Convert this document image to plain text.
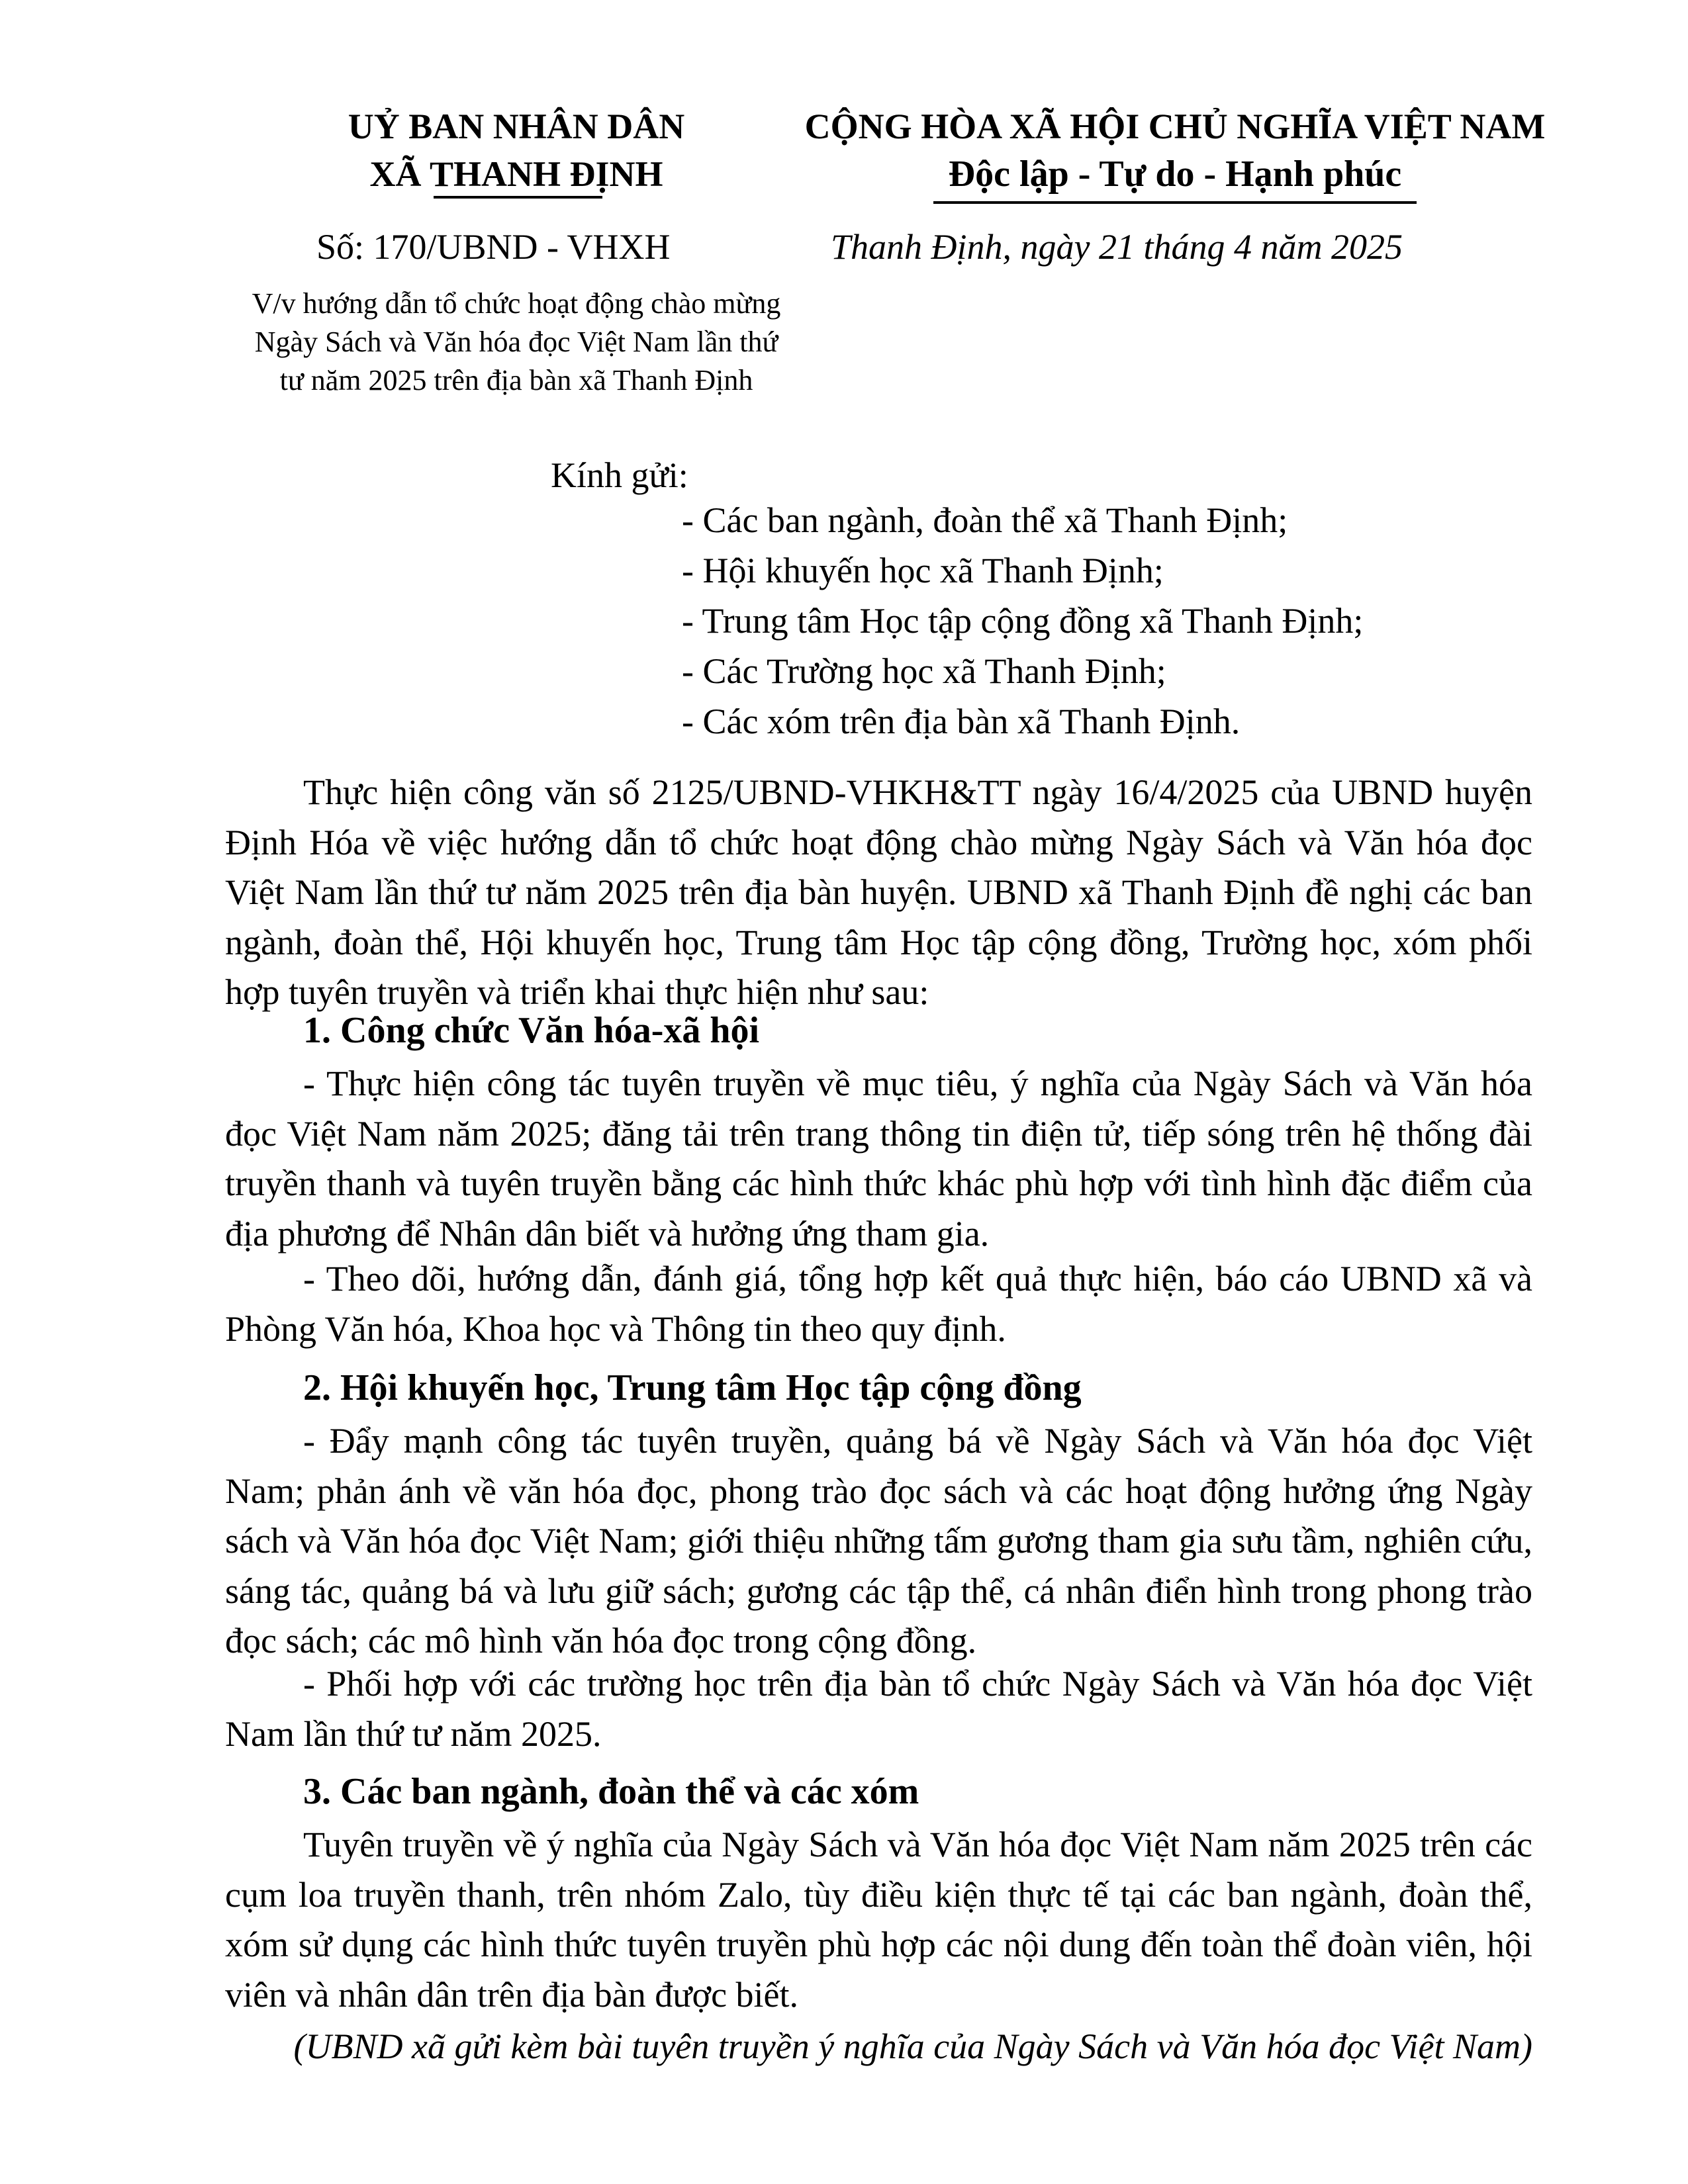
UỶ BAN NHÂN DÂN
XÃ THANH ĐỊNH
Số: 170/UBND - VHXH
V/v hướng dẫn tổ chức hoạt động chào mừng
Ngày Sách và Văn hóa đọc Việt Nam lần thứ
tư năm 2025 trên địa bàn xã Thanh Định
CỘNG HÒA XÃ HỘI CHỦ NGHĨA VIỆT NAM
Độc lập - Tự do - Hạnh phúc
Thanh Định, ngày 21 tháng 4 năm 2025
Kính gửi:
- Các ban ngành, đoàn thể xã Thanh Định;
- Hội khuyến học xã Thanh Định;
- Trung tâm Học tập cộng đồng xã Thanh Định;
- Các Trường học xã Thanh Định;
- Các xóm trên địa bàn xã Thanh Định.
Thực hiện công văn số 2125/UBND-VHKH&TT ngày 16/4/2025 của UBND huyện Định Hóa về việc hướng dẫn tổ chức hoạt động chào mừng Ngày Sách và Văn hóa đọc Việt Nam lần thứ tư năm 2025 trên địa bàn huyện. UBND xã Thanh Định đề nghị các ban ngành, đoàn thể, Hội khuyến học, Trung tâm Học tập cộng đồng, Trường học, xóm phối hợp tuyên truyền và triển khai thực hiện như sau:
1. Công chức Văn hóa-xã hội
- Thực hiện công tác tuyên truyền về mục tiêu, ý nghĩa của Ngày Sách và Văn hóa đọc Việt Nam năm 2025; đăng tải trên trang thông tin điện tử, tiếp sóng trên hệ thống đài truyền thanh và tuyên truyền bằng các hình thức khác phù hợp với tình hình đặc điểm của địa phương để Nhân dân biết và hưởng ứng tham gia.
- Theo dõi, hướng dẫn, đánh giá, tổng hợp kết quả thực hiện, báo cáo UBND xã và Phòng Văn hóa, Khoa học và Thông tin theo quy định.
2. Hội khuyến học, Trung tâm Học tập cộng đồng
- Đẩy mạnh công tác tuyên truyền, quảng bá về Ngày Sách và Văn hóa đọc Việt Nam; phản ánh về văn hóa đọc, phong trào đọc sách và các hoạt động hưởng ứng Ngày sách và Văn hóa đọc Việt Nam; giới thiệu những tấm gương tham gia sưu tầm, nghiên cứu, sáng tác, quảng bá và lưu giữ sách; gương các tập thể, cá nhân điển hình trong phong trào đọc sách; các mô hình văn hóa đọc trong cộng đồng.
- Phối hợp với các trường học trên địa bàn tổ chức Ngày Sách và Văn hóa đọc Việt Nam lần thứ tư năm 2025.
3. Các ban ngành, đoàn thể và các xóm
Tuyên truyền về ý nghĩa của Ngày Sách và Văn hóa đọc Việt Nam năm 2025 trên các cụm loa truyền thanh, trên nhóm Zalo, tùy điều kiện thực tế tại các ban ngành, đoàn thể, xóm sử dụng các hình thức tuyên truyền phù hợp các nội dung đến toàn thể đoàn viên, hội viên và nhân dân trên địa bàn được biết.
(UBND xã gửi kèm bài tuyên truyền ý nghĩa của Ngày Sách và Văn hóa đọc Việt Nam)
